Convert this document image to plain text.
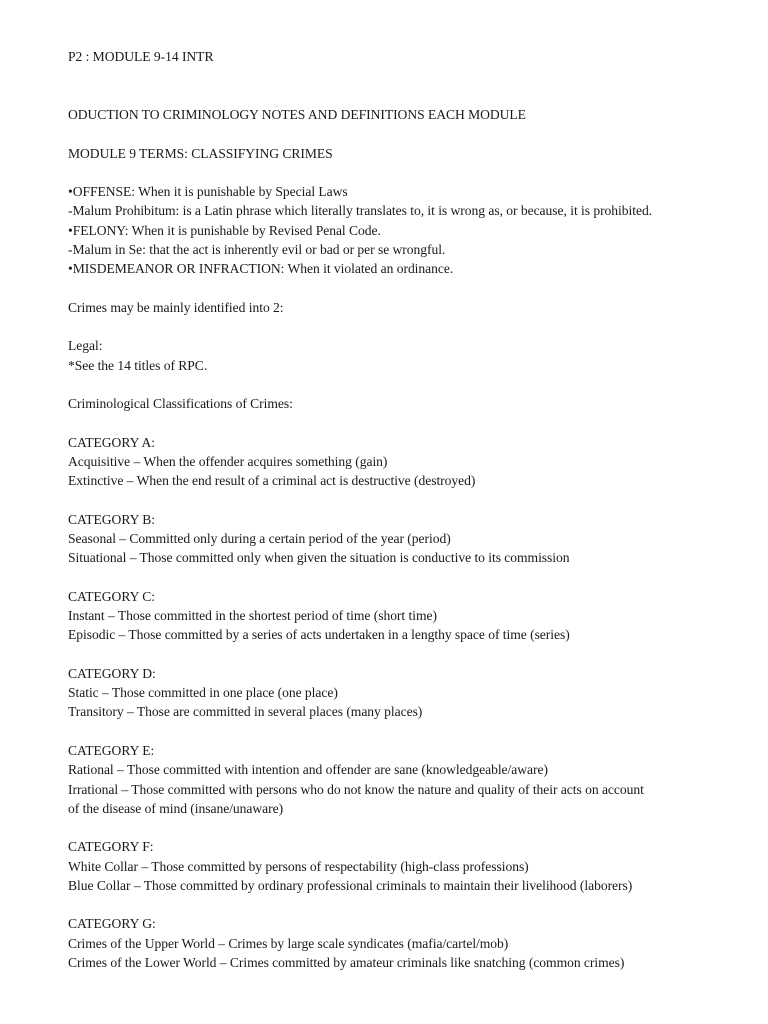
P2 : MODULE 9-14 INTR
ODUCTION TO CRIMINOLOGY NOTES AND DEFINITIONS EACH MODULE
MODULE 9 TERMS: CLASSIFYING CRIMES
•OFFENSE: When it is punishable by Special Laws
-Malum Prohibitum: is a Latin phrase which literally translates to, it is wrong as, or because, it is prohibited.
•FELONY: When it is punishable by Revised Penal Code.
-Malum in Se: that the act is inherently evil or bad or per se wrongful.
•MISDEMEANOR OR INFRACTION: When it violated an ordinance.
Crimes may be mainly identified into 2:
Legal:
*See the 14 titles of RPC.
Criminological Classifications of Crimes:
CATEGORY A:
Acquisitive – When the offender acquires something (gain)
Extinctive – When the end result of a criminal act is destructive (destroyed)
CATEGORY B:
Seasonal – Committed only during a certain period of the year (period)
Situational – Those committed only when given the situation is conductive to its commission
CATEGORY C:
Instant – Those committed in the shortest period of time (short time)
Episodic – Those committed by a series of acts undertaken in a lengthy space of time (series)
CATEGORY D:
Static – Those committed in one place (one place)
Transitory – Those are committed in several places (many places)
CATEGORY E:
Rational – Those committed with intention and offender are sane (knowledgeable/aware)
Irrational – Those committed with persons who do not know the nature and quality of their acts on account
of the disease of mind (insane/unaware)
CATEGORY F:
White Collar – Those committed by persons of respectability (high-class professions)
Blue Collar – Those committed by ordinary professional criminals to maintain their livelihood (laborers)
CATEGORY G:
Crimes of the Upper World – Crimes by large scale syndicates (mafia/cartel/mob)
Crimes of the Lower World – Crimes committed by amateur criminals like snatching (common crimes)
